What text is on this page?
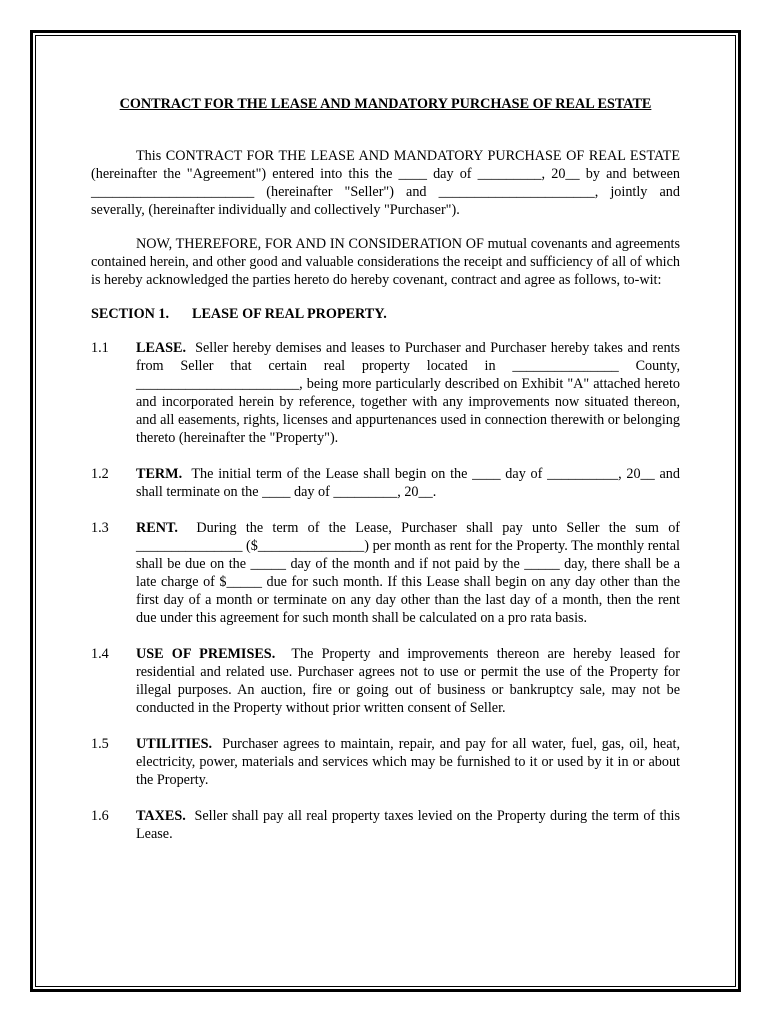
CONTRACT FOR THE LEASE AND MANDATORY PURCHASE OF REAL ESTATE

This CONTRACT FOR THE LEASE AND MANDATORY PURCHASE OF REAL ESTATE (hereinafter the "Agreement") entered into this the ____ day of _________, 20__ by and between _______________________ (hereinafter "Seller") and ______________________, jointly and severally, (hereinafter individually and collectively "Purchaser").

NOW, THEREFORE, FOR AND IN CONSIDERATION OF mutual covenants and agreements contained herein, and other good and valuable considerations the receipt and sufficiency of all of which is hereby acknowledged the parties hereto do hereby covenant, contract and agree as follows, to-wit:

SECTION 1. LEASE OF REAL PROPERTY.
1.1	LEASE. Seller hereby demises and leases to Purchaser and Purchaser hereby takes and rents from Seller that certain real property located in _______________ County, _______________________, being more particularly described on Exhibit "A" attached hereto and incorporated herein by reference, together with any improvements now situated thereon, and all easements, rights, licenses and appurtenances used in connection therewith or belonging thereto (hereinafter the "Property").
1.2	TERM. The initial term of the Lease shall begin on the ____ day of __________, 20__ and shall terminate on the ____ day of _________, 20__.
1.3	RENT. During the term of the Lease, Purchaser shall pay unto Seller the sum of _______________ ($_______________) per month as rent for the Property. The monthly rental shall be due on the _____ day of the month and if not paid by the _____ day, there shall be a late charge of $_____ due for such month. If this Lease shall begin on any day other than the first day of a month or terminate on any day other than the last day of a month, then the rent due under this agreement for such month shall be calculated on a pro rata basis.
1.4	USE OF PREMISES. The Property and improvements thereon are hereby leased for residential and related use. Purchaser agrees not to use or permit the use of the Property for illegal purposes. An auction, fire or going out of business or bankruptcy sale, may not be conducted in the Property without prior written consent of Seller.
1.5	UTILITIES. Purchaser agrees to maintain, repair, and pay for all water, fuel, gas, oil, heat, electricity, power, materials and services which may be furnished to it or used by it in or about the Property.
1.6	TAXES. Seller shall pay all real property taxes levied on the Property during the term of this Lease.
